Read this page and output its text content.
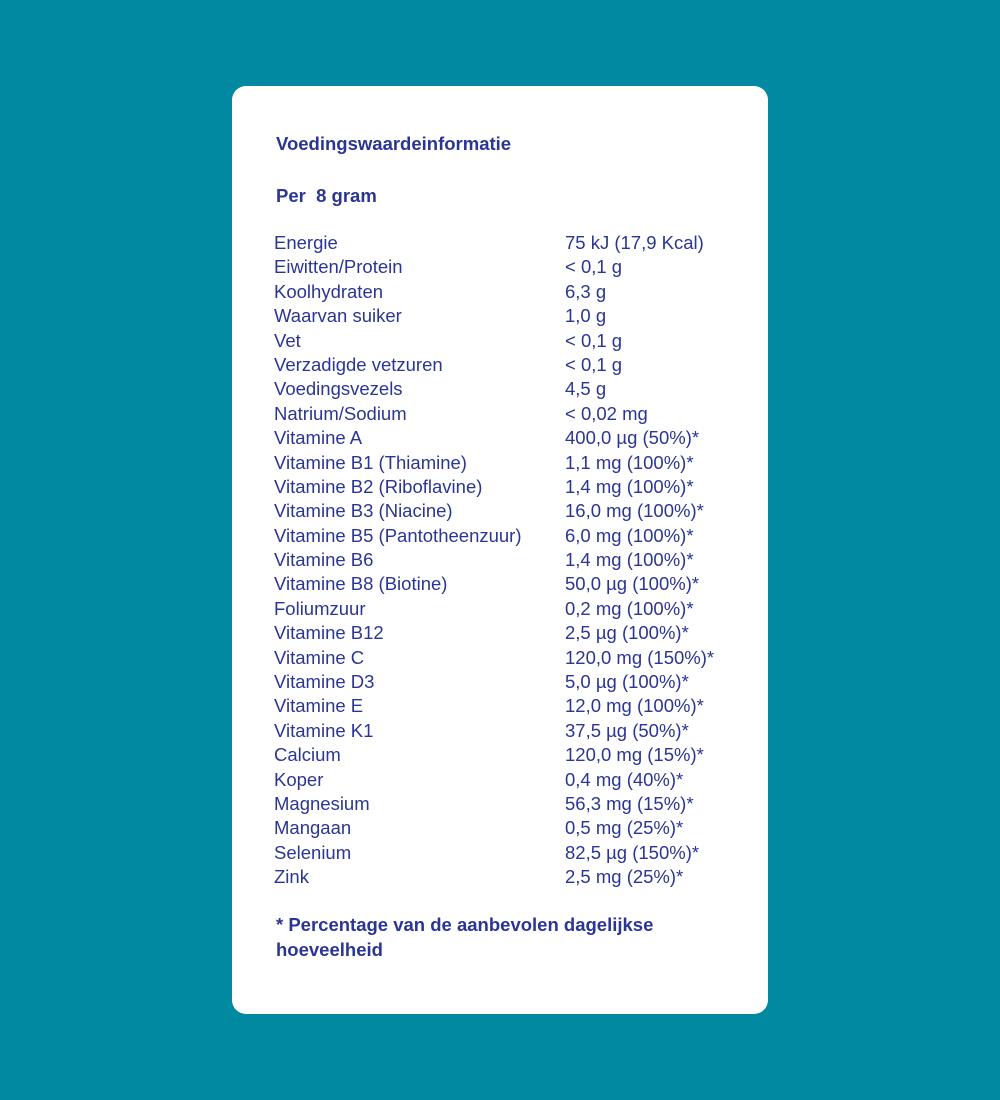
Voedingswaardeinformatie
Per  8 gram
Energie	75 kJ (17,9 Kcal)
Eiwitten/Protein	< 0,1 g
Koolhydraten	6,3 g
Waarvan suiker	1,0 g
Vet	< 0,1 g
Verzadigde vetzuren	< 0,1 g
Voedingsvezels	4,5 g
Natrium/Sodium	< 0,02 mg
Vitamine A	400,0 µg (50%)*
Vitamine B1 (Thiamine)	1,1 mg (100%)*
Vitamine B2 (Riboflavine)	1,4 mg (100%)*
Vitamine B3 (Niacine)	16,0 mg (100%)*
Vitamine B5 (Pantotheenzuur)	6,0 mg (100%)*
Vitamine B6	1,4 mg (100%)*
Vitamine B8 (Biotine)	50,0 µg (100%)*
Foliumzuur	0,2 mg (100%)*
Vitamine B12	2,5 µg (100%)*
Vitamine C	120,0 mg (150%)*
Vitamine D3	5,0 µg (100%)*
Vitamine E	12,0 mg (100%)*
Vitamine K1	37,5 µg (50%)*
Calcium	120,0 mg (15%)*
Koper	0,4 mg (40%)*
Magnesium	56,3 mg (15%)*
Mangaan	0,5 mg (25%)*
Selenium	82,5 µg (150%)*
Zink	2,5 mg (25%)*

* Percentage van de aanbevolen dagelijkse hoeveelheid
